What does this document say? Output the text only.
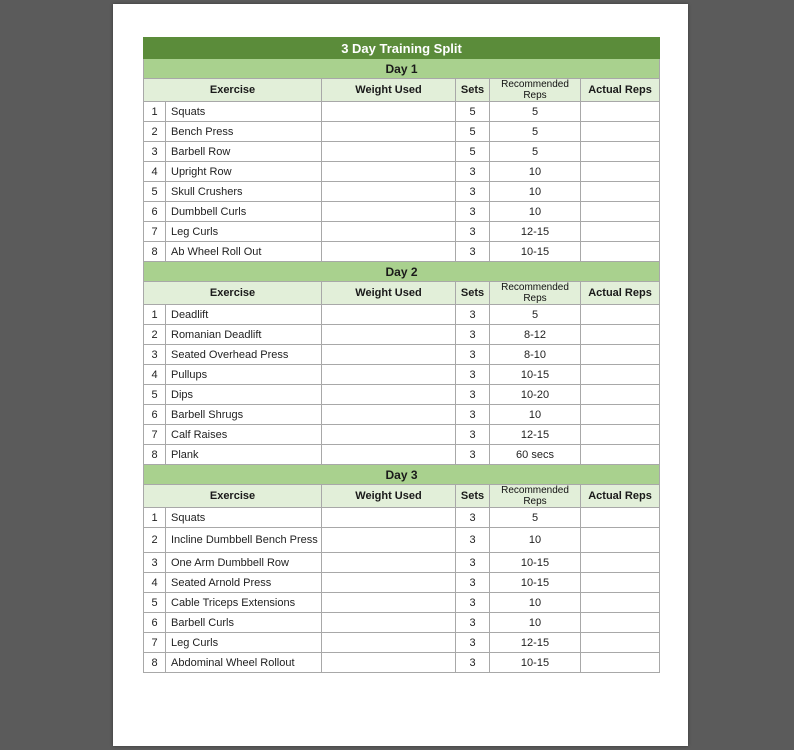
3 Day Training Split					
Day 1					
Exercise		Weight Used	Sets	Recommended Reps	Actual Reps
1	Squats		5	5	
2	Bench Press		5	5	
3	Barbell Row		5	5	
4	Upright Row		3	10	
5	Skull Crushers		3	10	
6	Dumbbell Curls		3	10	
7	Leg Curls		3	12-15	
8	Ab Wheel Roll Out		3	10-15	
Day 2					
Exercise		Weight Used	Sets	Recommended Reps	Actual Reps
1	Deadlift		3	5	
2	Romanian Deadlift		3	8-12	
3	Seated Overhead Press		3	8-10	
4	Pullups		3	10-15	
5	Dips		3	10-20	
6	Barbell Shrugs		3	10	
7	Calf Raises		3	12-15	
8	Plank		3	60 secs	
Day 3					
Exercise		Weight Used	Sets	Recommended Reps	Actual Reps
1	Squats		3	5	
2	Incline Dumbbell Bench Press		3	10	
3	One Arm Dumbbell Row		3	10-15	
4	Seated Arnold Press		3	10-15	
5	Cable Triceps Extensions		3	10	
6	Barbell Curls		3	10	
7	Leg Curls		3	12-15	
8	Abdominal Wheel Rollout		3	10-15	
